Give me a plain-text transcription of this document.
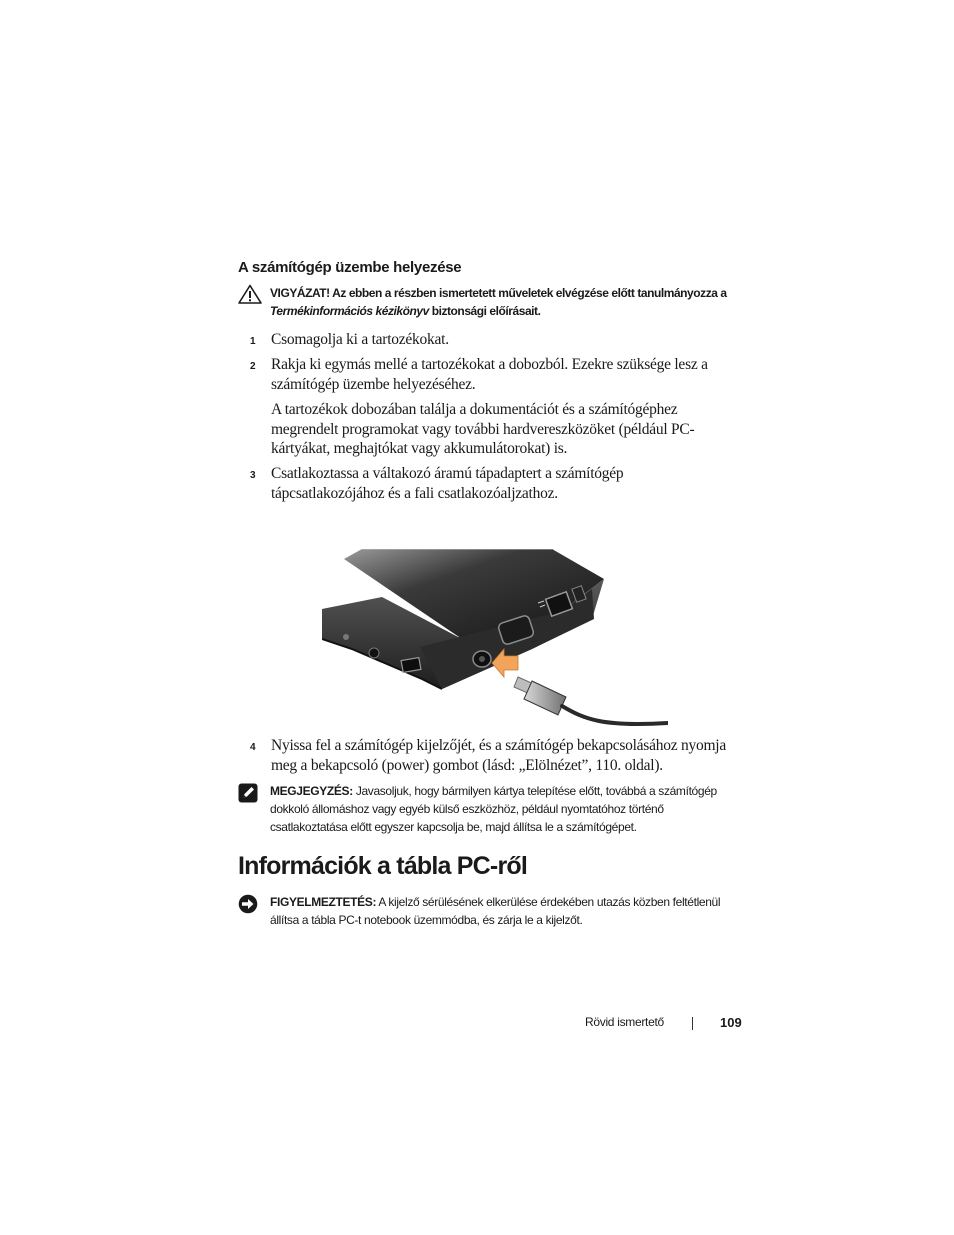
A számítógép üzembe helyezése
VIGYÁZAT! Az ebben a részben ismertetett műveletek elvégzése előtt tanulmányozza a Termékinformációs kézikönyv biztonsági előírásait.
1 Csomagolja ki a tartozékokat.
2 Rakja ki egymás mellé a tartozékokat a dobozból. Ezekre szüksége lesz a számítógép üzembe helyezéséhez.
A tartozékok dobozában találja a dokumentációt és a számítógéphez megrendelt programokat vagy további hardvereszközöket (például PC-kártyákat, meghajtókat vagy akkumulátorokat) is.
3 Csatlakoztassa a váltakozó áramú tápadaptert a számítógép tápcsatlakozójához és a fali csatlakozóaljzathoz.
4 Nyissa fel a számítógép kijelzőjét, és a számítógép bekapcsolásához nyomja meg a bekapcsoló (power) gombot (lásd: „Elölnézet”, 110. oldal).
MEGJEGYZÉS: Javasoljuk, hogy bármilyen kártya telepítése előtt, továbbá a számítógép dokkoló állomáshoz vagy egyéb külső eszközhöz, például nyomtatóhoz történő csatlakoztatása előtt egyszer kapcsolja be, majd állítsa le a számítógépet.
Információk a tábla PC-ről
FIGYELMEZTETÉS: A kijelző sérülésének elkerülése érdekében utazás közben feltétlenül állítsa a tábla PC-t notebook üzemmódba, és zárja le a kijelzőt.
Rövid ismertető	109
